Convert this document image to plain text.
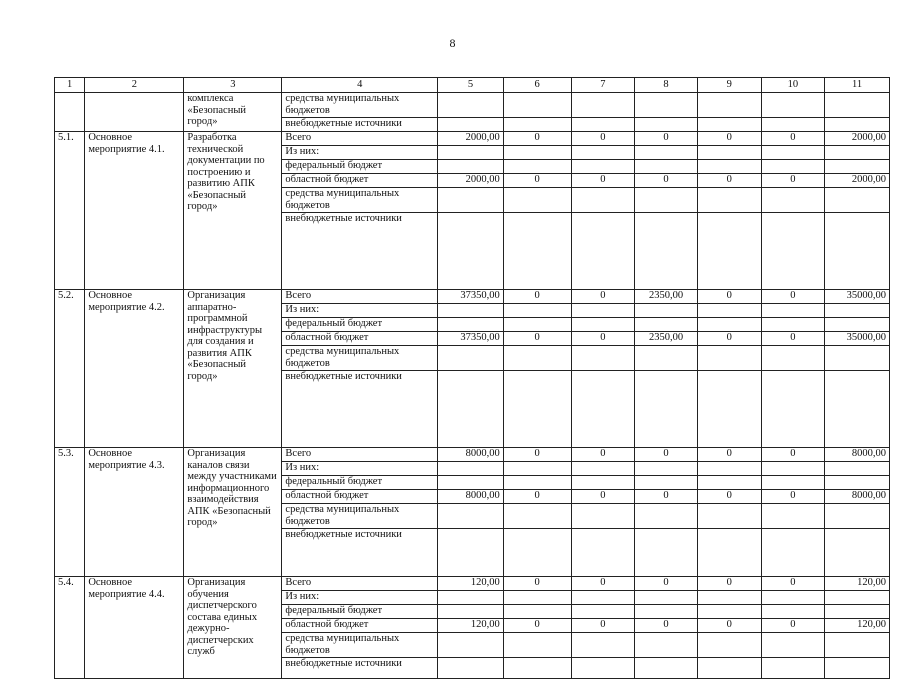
8
1	2	3	4	5	6	7	8	9	10	11
		комплекса «Безопасный город»	средства муниципальных бюджетов							
			внебюджетные источники							
5.1.	Основное мероприятие 4.1.	Разработка технической документации по построению и развитию АПК «Безопасный город»	Всего	2000,00	0	0	0	0	0	2000,00
			Из них:							
			федеральный бюджет							
			областной бюджет	2000,00	0	0	0	0	0	2000,00
			средства муниципальных бюджетов							
			внебюджетные источники							
5.2.	Основное мероприятие 4.2.	Организация аппаратно-программной инфраструктуры для создания и развития АПК «Безопасный город»	Всего	37350,00	0	0	2350,00	0	0	35000,00
			Из них:							
			федеральный бюджет							
			областной бюджет	37350,00	0	0	2350,00	0	0	35000,00
			средства муниципальных бюджетов							
			внебюджетные источники							
5.3.	Основное мероприятие 4.3.	Организация каналов связи между участниками информационного взаимодействия АПК «Безопасный город»	Всего	8000,00	0	0	0	0	0	8000,00
			Из них:							
			федеральный бюджет							
			областной бюджет	8000,00	0	0	0	0	0	8000,00
			средства муниципальных бюджетов							
			внебюджетные источники							
5.4.	Основное мероприятие 4.4.	Организация обучения диспетчерского состава единых дежурно-диспетчерских служб	Всего	120,00	0	0	0	0	0	120,00
			Из них:							
			федеральный бюджет							
			областной бюджет	120,00	0	0	0	0	0	120,00
			средства муниципальных бюджетов							
			внебюджетные источники							
